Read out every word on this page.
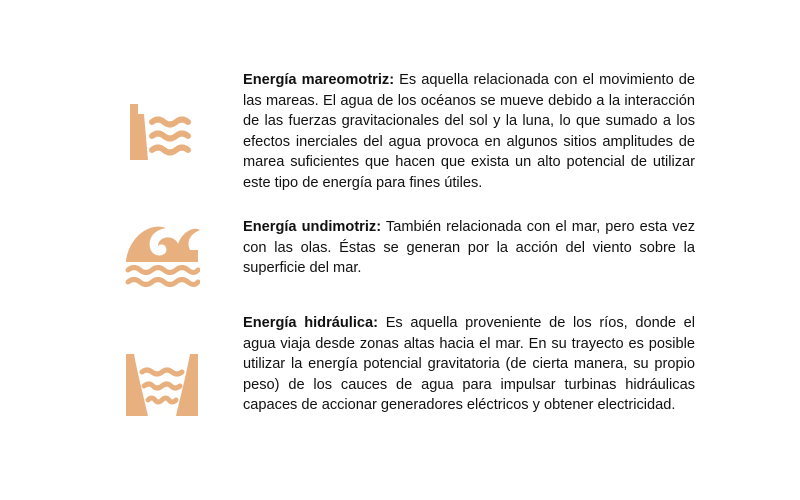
Energía mareomotriz: Es aquella relacionada con el movimiento de las mareas. El agua de los océanos se mueve debido a la interacción de las fuerzas gravitacionales del sol y la luna, lo que sumado a los efectos inerciales del agua provoca en algunos sitios amplitudes de marea suficientes que hacen que exista un alto potencial de utilizar este tipo de energía para fines útiles.
Energía undimotriz: También relacionada con el mar, pero esta vez con las olas. Éstas se generan por la acción del viento sobre la superficie del mar.
Energía hidráulica: Es aquella proveniente de los ríos, donde el agua viaja desde zonas altas hacia el mar. En su trayecto es posible utilizar la energía potencial gravitatoria (de cierta manera, su propio peso) de los cauces de agua para impulsar turbinas hidráulicas capaces de accionar generadores eléctricos y obtener electricidad.
